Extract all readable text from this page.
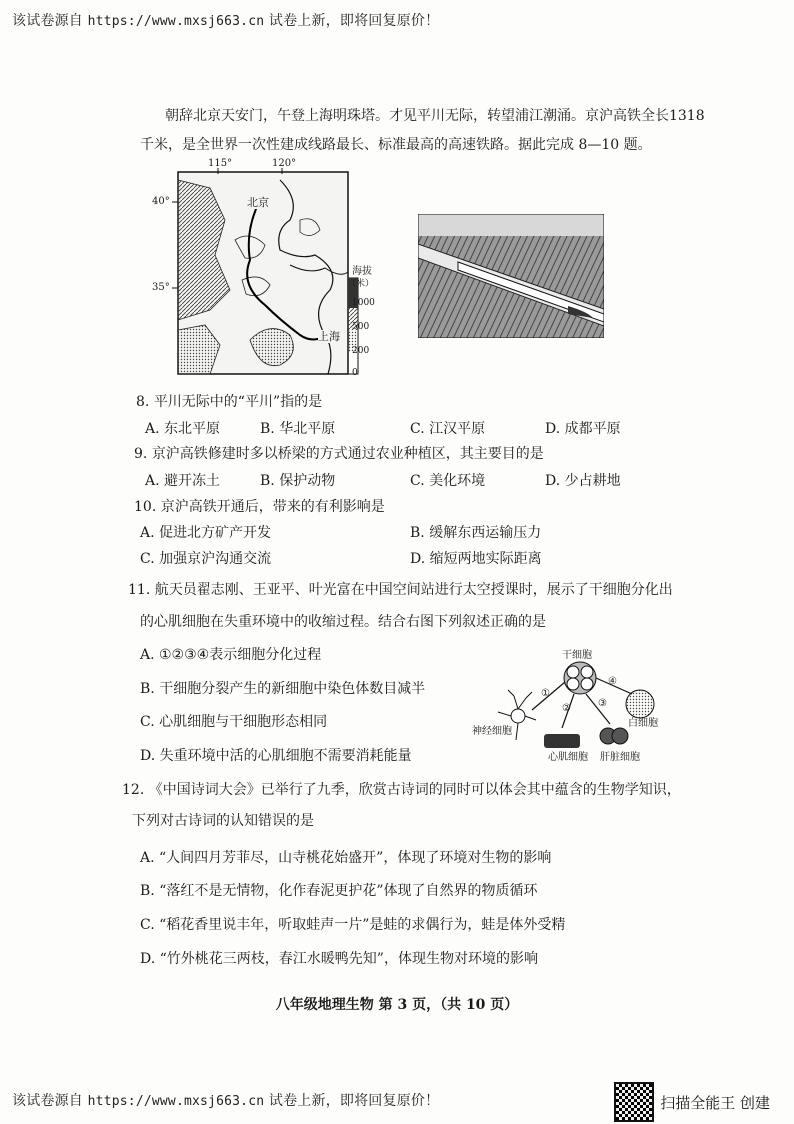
该试卷源自 https://www.mxsj663.cn 试卷上新，即将回复原价！
朝辞北京天安门，午登上海明珠塔。才见平川无际，转望浦江潮涌。京沪高铁全长1318
千米，是全世界一次性建成线路最长、标准最高的高速铁路。据此完成 8—10 题。
115°	120°
40°
35°
北京
上海
海拔
（米）
1000
500
200
0
8. 平川无际中的“平川”指的是
A. 东北平原	B. 华北平原	C. 江汉平原	D. 成都平原
9. 京沪高铁修建时多以桥梁的方式通过农业种植区，其主要目的是
A. 避开冻土	B. 保护动物	C. 美化环境	D. 少占耕地
10. 京沪高铁开通后，带来的有利影响是
A. 促进北方矿产开发	B. 缓解东西运输压力
C. 加强京沪沟通交流	D. 缩短两地实际距离
11. 航天员翟志刚、王亚平、叶光富在中国空间站进行太空授课时，展示了干细胞分化出
的心肌细胞在失重环境中的收缩过程。结合右图下列叙述正确的是
A. ①②③④表示细胞分化过程
B. 干细胞分裂产生的新细胞中染色体数目减半
C. 心肌细胞与干细胞形态相同
D. 失重环境中活的心肌细胞不需要消耗能量
干细胞
①
②	③
④
神经细胞
心肌细胞 肝脏细胞
白细胞
12. 《中国诗词大会》已举行了九季，欣赏古诗词的同时可以体会其中蕴含的生物学知识，
下列对古诗词的认知错误的是
A. “人间四月芳菲尽，山寺桃花始盛开”，体现了环境对生物的影响
B. “落红不是无情物，化作春泥更护花”体现了自然界的物质循环
C. “稻花香里说丰年，听取蛙声一片”是蛙的求偶行为，蛙是体外受精
D. “竹外桃花三两枝，春江水暖鸭先知”，体现生物对环境的影响
八年级地理生物 第 3 页，（共 10 页）
该试卷源自 https://www.mxsj663.cn 试卷上新，即将回复原价！	扫描全能王 创建
